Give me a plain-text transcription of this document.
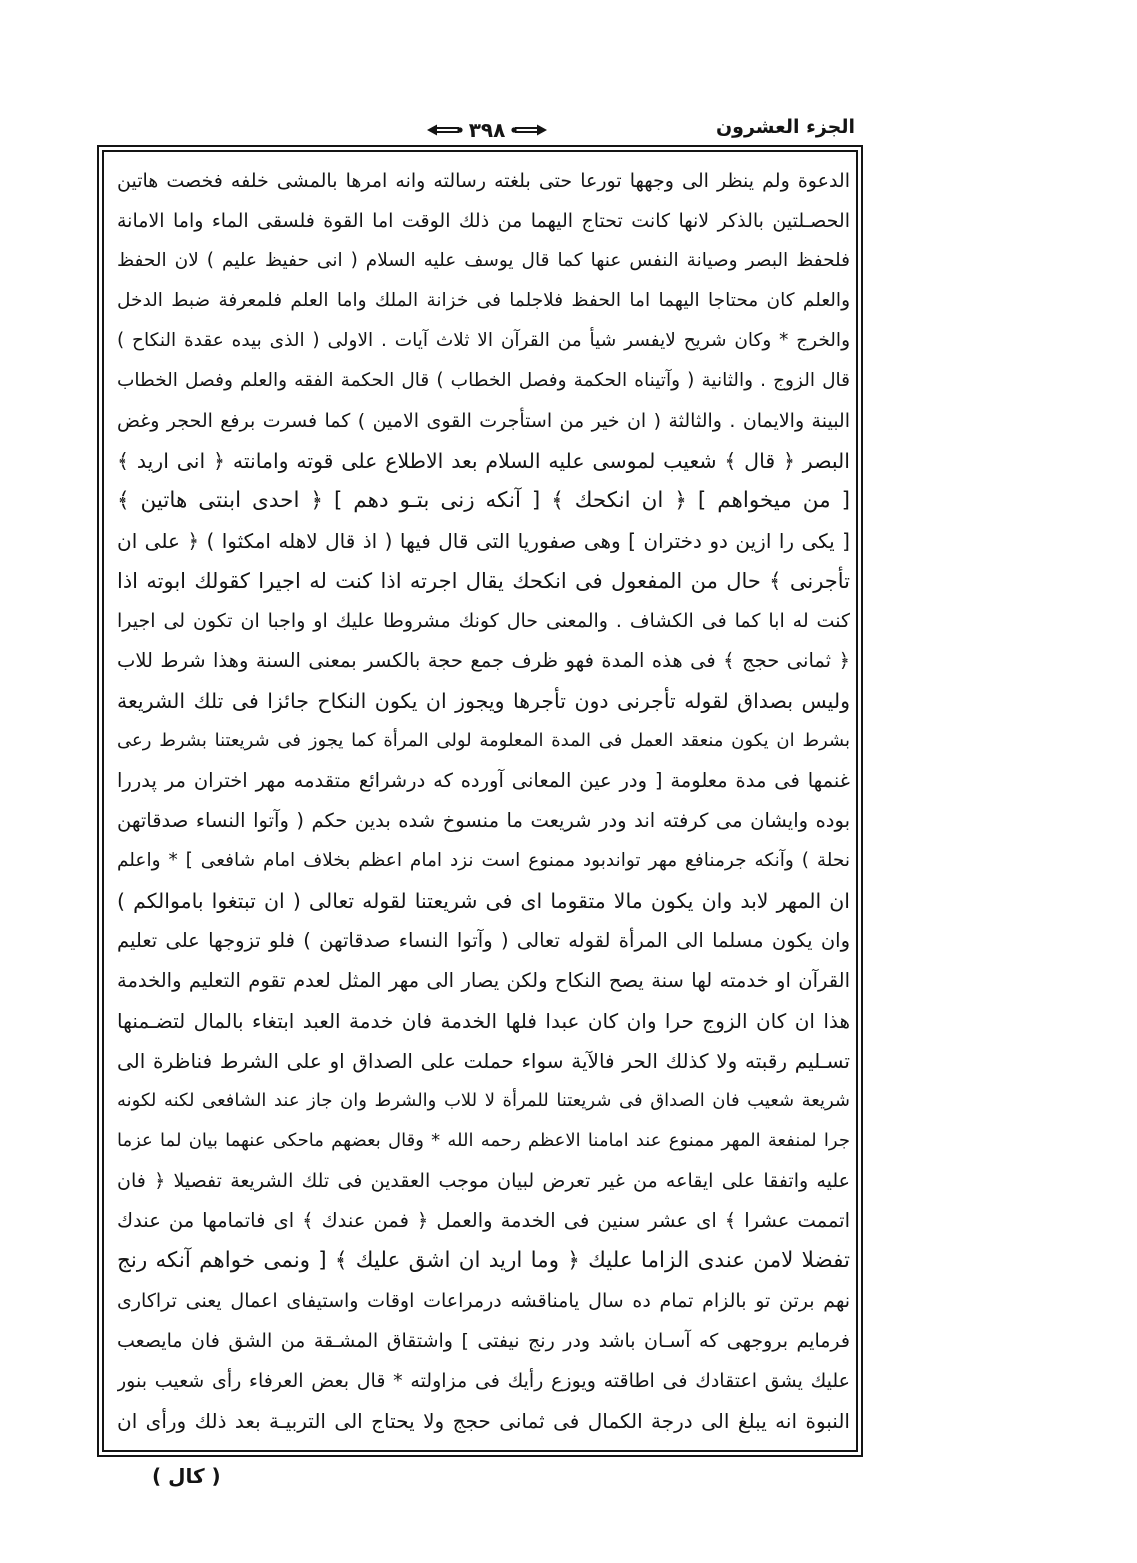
٣٩٨	الجزء العشرون
الدعوة ولم ينظر الى وجهها تورعا حتى بلغته رسالته وانه امرها بالمشى خلفه فخصت هاتين
الحصـلتين بالذكر لانها كانت تحتاج اليهما من ذلك الوقت اما القوة فلسقى الماء واما الامانة
فلحفظ البصر وصيانة النفس عنها كما قال يوسف عليه السلام ( انى حفيظ عليم ) لان الحفظ
والعلم كان محتاجا اليهما اما الحفظ فلاجلما فى خزانة الملك واما العلم فلمعرفة ضبط الدخل
والخرج * وكان شريح لايفسر شيأ من القرآن الا ثلاث آيات . الاولى ( الذى بيده عقدة النكاح )
قال الزوج . والثانية ( وآتيناه الحكمة وفصل الخطاب ) قال الحكمة الفقه والعلم وفصل الخطاب
البينة والايمان . والثالثة ( ان خير من استأجرت القوى الامين ) كما فسرت برفع الحجر وغض
البصر ﴿ قال ﴾ شعيب لموسى عليه السلام بعد الاطلاع على قوته وامانته ﴿ انى اريد ﴾
[ من ميخواهم ] ﴿ ان انكحك ﴾ [ آنكه زنى بتـو دهم ] ﴿ احدى ابنتى هاتين ﴾
[ يكى را ازين دو دختران ] وهى صفوريا التى قال فيها ( اذ قال لاهله امكثوا ) ﴿ على ان
تأجرنى ﴾ حال من المفعول فى انكحك يقال اجرته اذا كنت له اجيرا كقولك ابوته اذا
كنت له ابا كما فى الكشاف . والمعنى حال كونك مشروطا عليك او واجبا ان تكون لى اجيرا
﴿ ثمانى حجج ﴾ فى هذه المدة فهو ظرف جمع حجة بالكسر بمعنى السنة وهذا شرط للاب
وليس بصداق لقوله تأجرنى دون تأجرها ويجوز ان يكون النكاح جائزا فى تلك الشريعة
بشرط ان يكون منعقد العمل فى المدة المعلومة لولى المرأة كما يجوز فى شريعتنا بشرط رعى
غنمها فى مدة معلومة [ ودر عين المعانى آورده كه درشرائع متقدمه مهر اختران مر پدررا
بوده وايشان مى كرفته اند ودر شريعت ما منسوخ شده بدين حكم ( وآتوا النساء صدقاتهن
نحلة ) وآنكه جرمنافع مهر تواندبود ممنوع است نزد امام اعظم بخلاف امام شافعى ] * واعلم
ان المهر لابد وان يكون مالا متقوما اى فى شريعتنا لقوله تعالى ( ان تبتغوا باموالكم )
وان يكون مسلما الى المرأة لقوله تعالى ( وآتوا النساء صدقاتهن ) فلو تزوجها على تعليم
القرآن او خدمته لها سنة يصح النكاح ولكن يصار الى مهر المثل لعدم تقوم التعليم والخدمة
هذا ان كان الزوج حرا وان كان عبدا فلها الخدمة فان خدمة العبد ابتغاء بالمال لتضـمنها
تسـليم رقبته ولا كذلك الحر فالآية سواء حملت على الصداق او على الشرط فناظرة الى
شريعة شعيب فان الصداق فى شريعتنا للمرأة لا للاب والشرط وان جاز عند الشافعى لكنه لكونه
جرا لمنفعة المهر ممنوع عند امامنا الاعظم رحمه الله * وقال بعضهم ماحكى عنهما بيان لما عزما
عليه واتفقا على ايقاعه من غير تعرض لبيان موجب العقدين فى تلك الشريعة تفصيلا ﴿ فان
اتممت عشرا ﴾ اى عشر سنين فى الخدمة والعمل ﴿ فمن عندك ﴾ اى فاتمامها من عندك
تفضلا لامن عندى الزاما عليك ﴿ وما اريد ان اشق عليك ﴾ [ ونمى خواهم آنكه رنج
نهم برتن تو بالزام تمام ده سال يامناقشه درمراعات اوقات واستيفاى اعمال يعنى تراكارى
فرمايم بروجهى كه آسـان باشد ودر رنج نيفتى ] واشتقاق المشـقة من الشق فان مايصعب
عليك يشق اعتقادك فى اطاقته ويوزع رأيك فى مزاولته * قال بعض العرفاء رأى شعيب بنور
النبوة انه يبلغ الى درجة الكمال فى ثمانى حجج ولا يحتاج الى التربيـة بعد ذلك ورأى ان
( كال )
